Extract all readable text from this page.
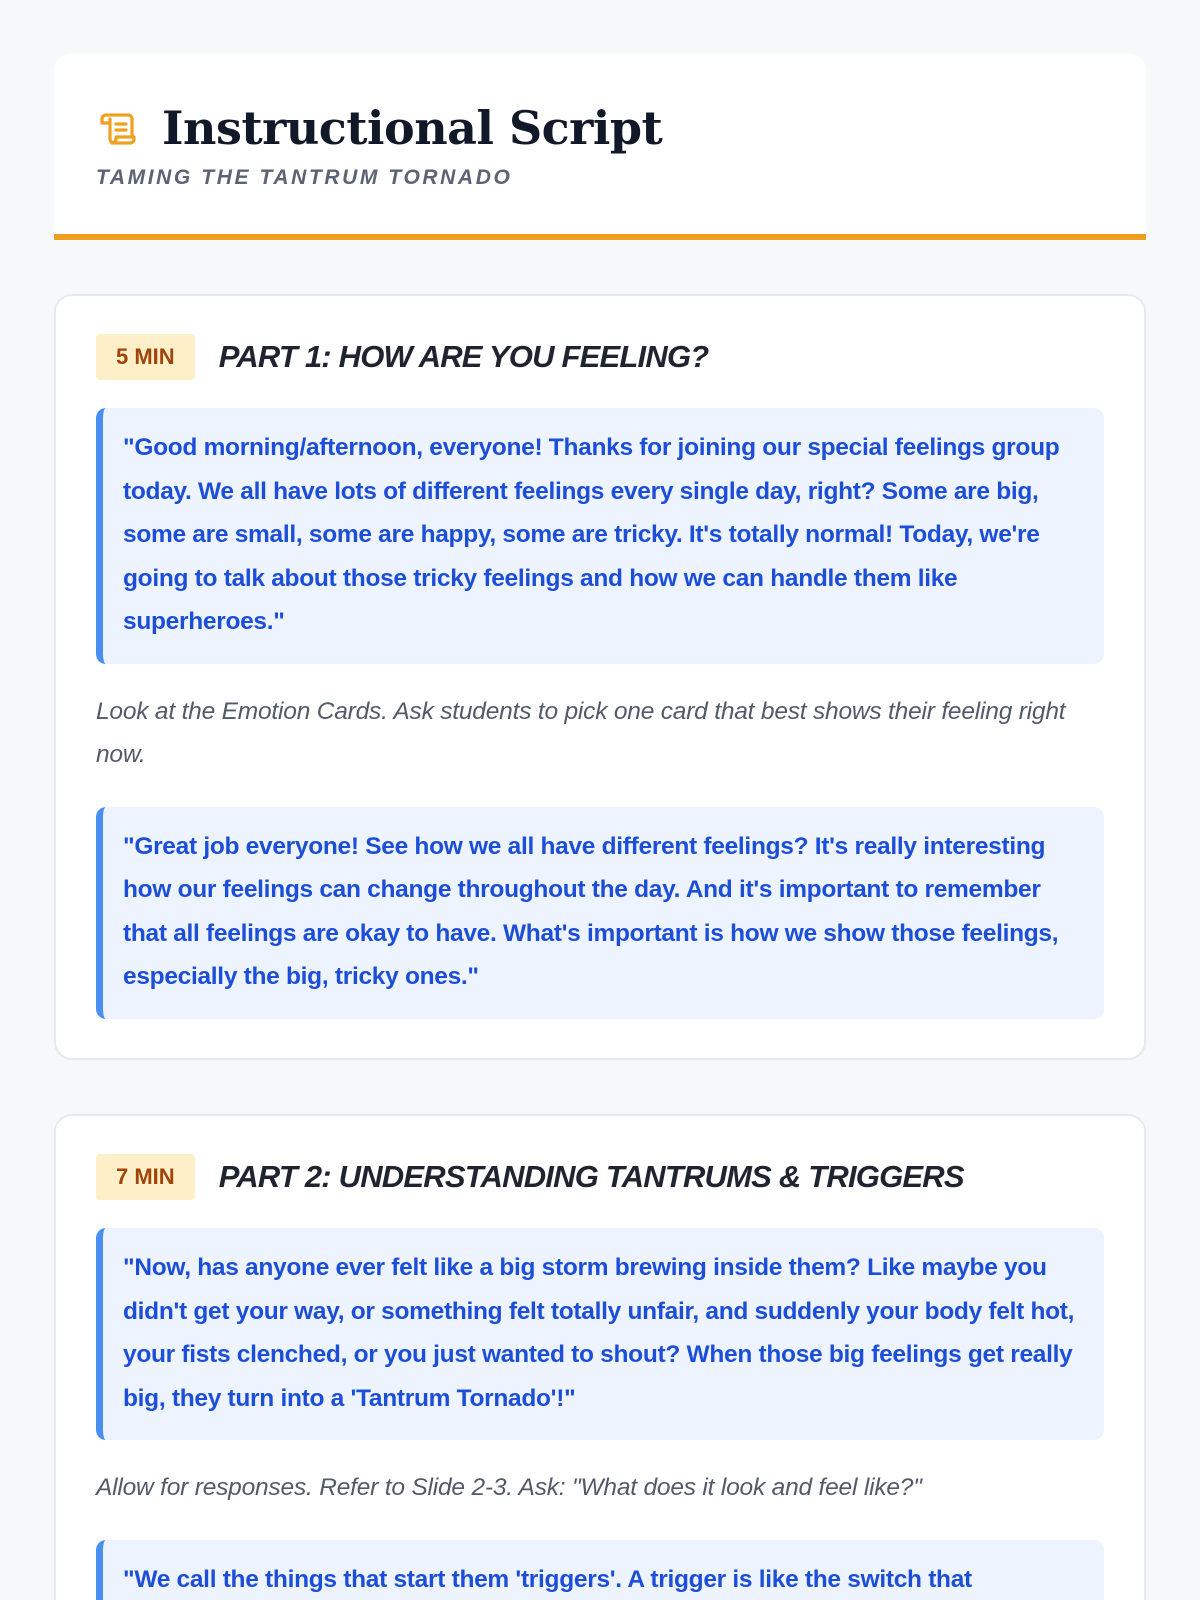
Instructional Script
TAMING THE TANTRUM TORNADO
5 MIN	PART 1: HOW ARE YOU FEELING?
"Good morning/afternoon, everyone! Thanks for joining our special feelings group today. We all have lots of different feelings every single day, right? Some are big, some are small, some are happy, some are tricky. It's totally normal! Today, we're going to talk about those tricky feelings and how we can handle them like superheroes."
Look at the Emotion Cards. Ask students to pick one card that best shows their feeling right now.
"Great job everyone! See how we all have different feelings? It's really interesting how our feelings can change throughout the day. And it's important to remember that all feelings are okay to have. What's important is how we show those feelings, especially the big, tricky ones."
7 MIN	PART 2: UNDERSTANDING TANTRUMS & TRIGGERS
"Now, has anyone ever felt like a big storm brewing inside them? Like maybe you didn't get your way, or something felt totally unfair, and suddenly your body felt hot, your fists clenched, or you just wanted to shout? When those big feelings get really big, they turn into a 'Tantrum Tornado'!"
Allow for responses. Refer to Slide 2-3. Ask: "What does it look and feel like?"
"We call the things that start them 'triggers'. A trigger is like the switch that
